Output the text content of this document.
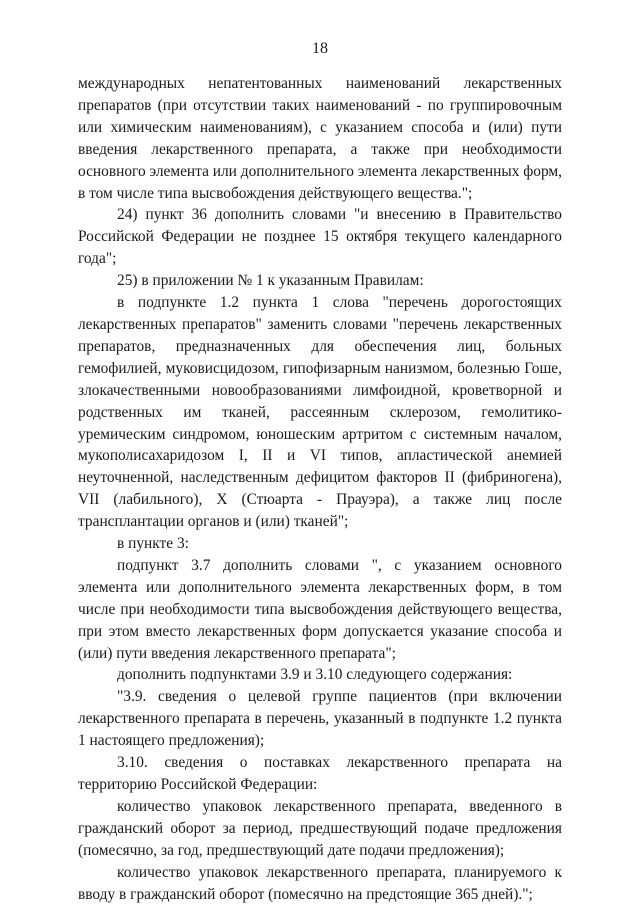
18

международных непатентованных наименований лекарственных препаратов (при отсутствии таких наименований - по группировочным или химическим наименованиям), с указанием способа и (или) пути введения лекарственного препарата, а также при необходимости основного элемента или дополнительного элемента лекарственных форм, в том числе типа высвобождения действующего вещества.";

24) пункт 36 дополнить словами "и внесению в Правительство Российской Федерации не позднее 15 октября текущего календарного года";

25) в приложении № 1 к указанным Правилам:

в подпункте 1.2 пункта 1 слова "перечень дорогостоящих лекарственных препаратов" заменить словами "перечень лекарственных препаратов, предназначенных для обеспечения лиц, больных гемофилией, муковисцидозом, гипофизарным нанизмом, болезнью Гоше, злокачественными новообразованиями лимфоидной, кроветворной и родственных им тканей, рассеянным склерозом, гемолитико-уремическим синдромом, юношеским артритом с системным началом, мукополисахаридозом I, II и VI типов, апластической анемией неуточненной, наследственным дефицитом факторов II (фибриногена), VII (лабильного), X (Стюарта - Прауэра), а также лиц после трансплантации органов и (или) тканей";

в пункте 3:

подпункт 3.7 дополнить словами ", с указанием основного элемента или дополнительного элемента лекарственных форм, в том числе при необходимости типа высвобождения действующего вещества, при этом вместо лекарственных форм допускается указание способа и (или) пути введения лекарственного препарата";

дополнить подпунктами 3.9 и 3.10 следующего содержания:

"3.9. сведения о целевой группе пациентов (при включении лекарственного препарата в перечень, указанный в подпункте 1.2 пункта 1 настоящего предложения);

3.10. сведения о поставках лекарственного препарата на территорию Российской Федерации:

количество упаковок лекарственного препарата, введенного в гражданский оборот за период, предшествующий подаче предложения (помесячно, за год, предшествующий дате подачи предложения);

количество упаковок лекарственного препарата, планируемого к вводу в гражданский оборот (помесячно на предстоящие 365 дней).";
